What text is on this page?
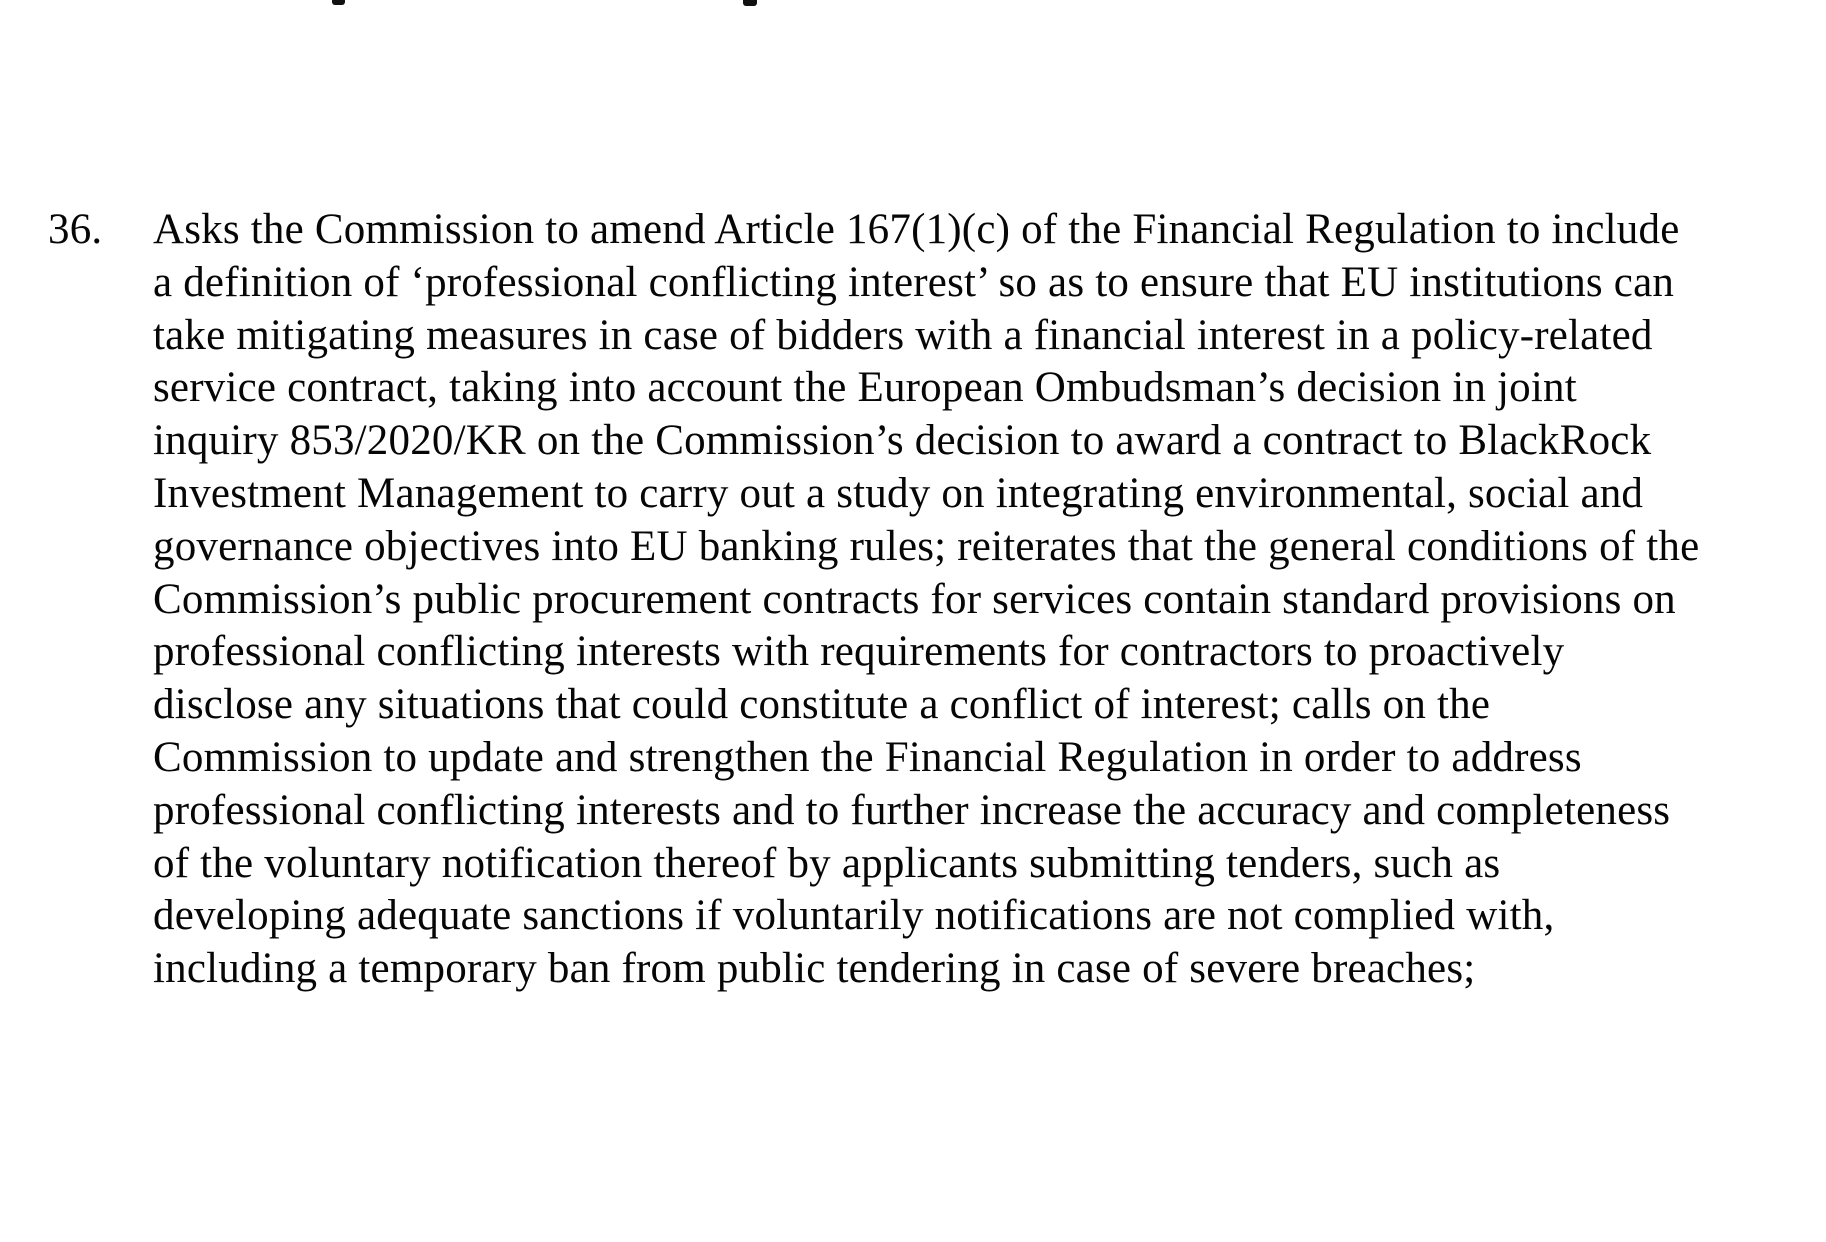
36. Asks the Commission to amend Article 167(1)(c) of the Financial Regulation to include
a definition of ‘professional conflicting interest’ so as to ensure that EU institutions can
take mitigating measures in case of bidders with a financial interest in a policy-related
service contract, taking into account the European Ombudsman’s decision in joint
inquiry 853/2020/KR on the Commission’s decision to award a contract to BlackRock
Investment Management to carry out a study on integrating environmental, social and
governance objectives into EU banking rules; reiterates that the general conditions of the
Commission’s public procurement contracts for services contain standard provisions on
professional conflicting interests with requirements for contractors to proactively
disclose any situations that could constitute a conflict of interest; calls on the
Commission to update and strengthen the Financial Regulation in order to address
professional conflicting interests and to further increase the accuracy and completeness
of the voluntary notification thereof by applicants submitting tenders, such as
developing adequate sanctions if voluntarily notifications are not complied with,
including a temporary ban from public tendering in case of severe breaches;
